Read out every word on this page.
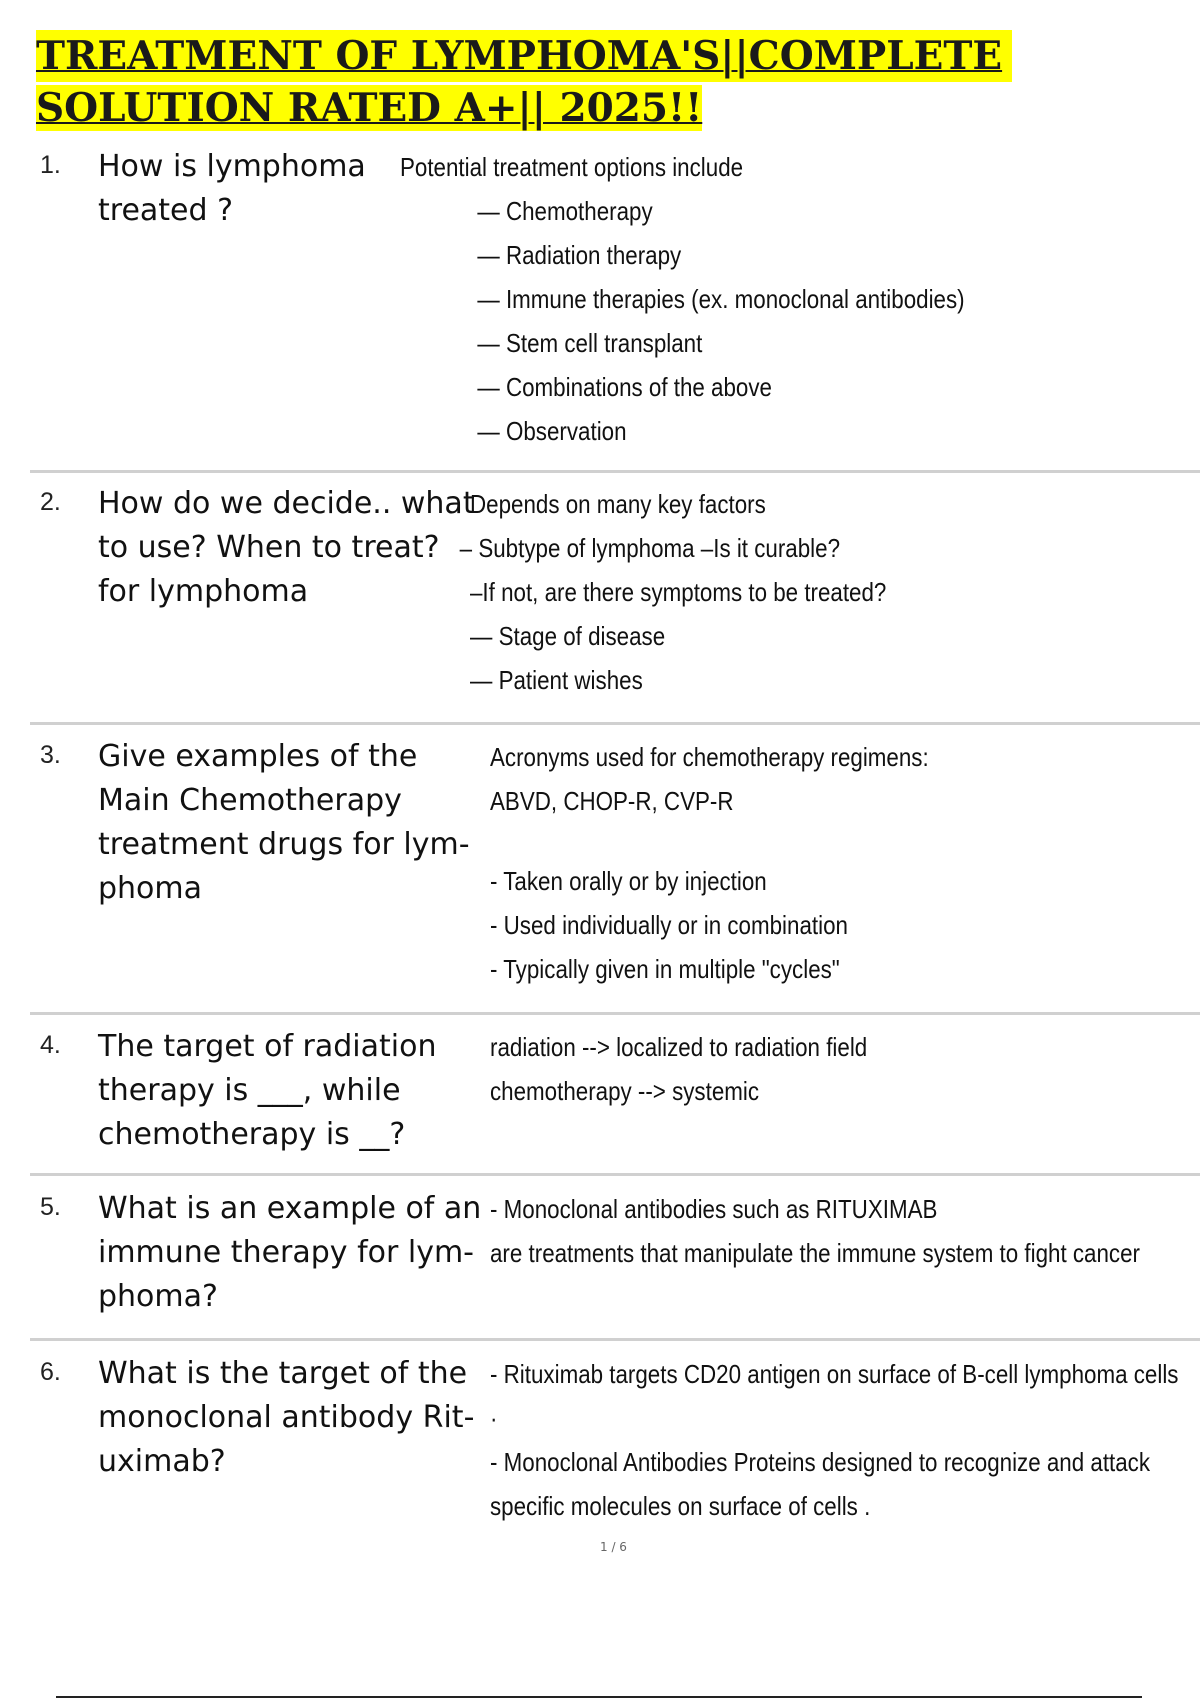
TREATMENT OF LYMPHOMA'S||COMPLETE
SOLUTION RATED A+|| 2025!!
1. How is lymphoma treated ?
Potential treatment options include
— Chemotherapy
— Radiation therapy
— Immune therapies (ex. monoclonal antibodies)
— Stem cell transplant
— Combinations of the above
— Observation
2. How do we decide.. what to use? When to treat? for lymphoma
Depends on many key factors
– Subtype of lymphoma –Is it curable?
–If not, are there symptoms to be treated?
— Stage of disease
— Patient wishes
3. Give examples of the Main Chemotherapy treatment drugs for lym- phoma
Acronyms used for chemotherapy regimens:
ABVD, CHOP-R, CVP-R
- Taken orally or by injection
- Used individually or in combination
- Typically given in multiple "cycles"
4. The target of radiation therapy is ___, while chemotherapy is __?
radiation --> localized to radiation field
chemotherapy --> systemic
5. What is an example of an immune therapy for lym- phoma?
- Monoclonal antibodies such as RITUXIMAB
are treatments that manipulate the immune system to fight cancer
6. What is the target of the monoclonal antibody Rit- uximab?
- Rituximab targets CD20 antigen on surface of B-cell lymphoma cells
·
- Monoclonal Antibodies Proteins designed to recognize and attack
specific molecules on surface of cells .
1 / 6
